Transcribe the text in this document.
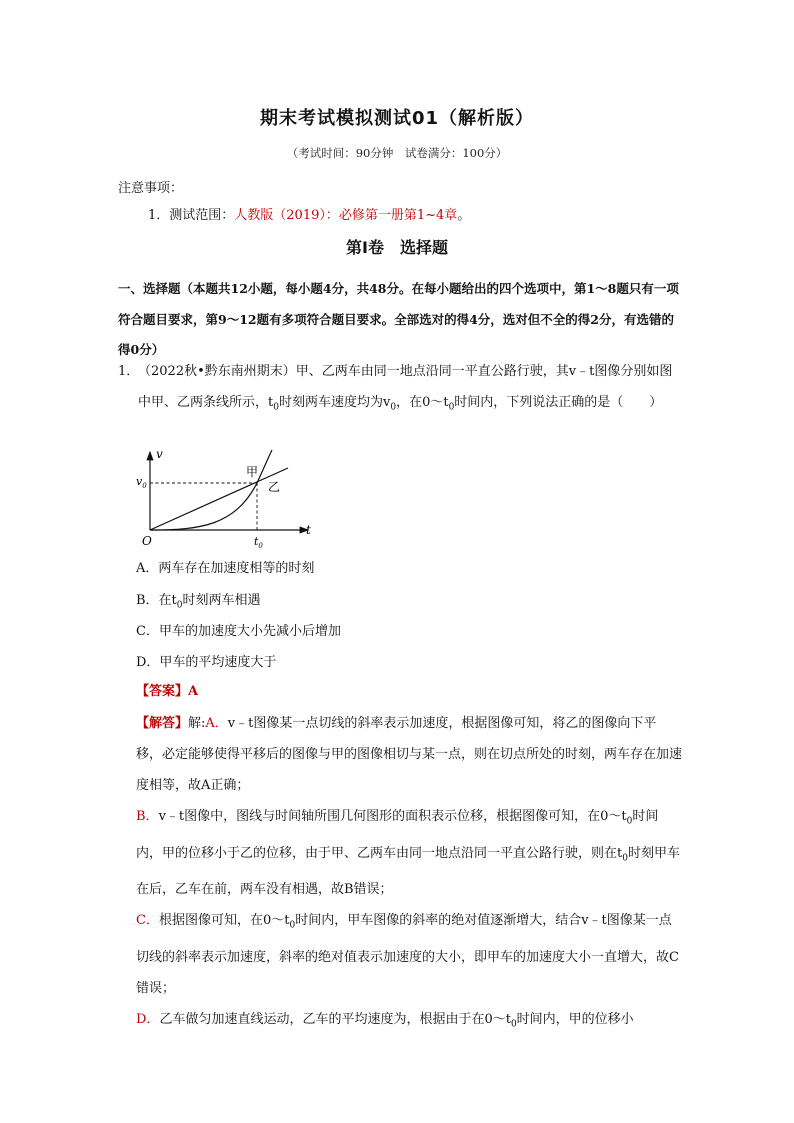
期末考试模拟测试01（解析版）
（考试时间：90分钟　试卷满分：100分）
注意事项：
1．测试范围：人教版（2019）：必修第一册第1~4章。
第Ⅰ卷　选择题
一、选择题（本题共12小题，每小题4分，共48分。在每小题给出的四个选项中，第1～8题只有一项符合题目要求，第9～12题有多项符合题目要求。全部选对的得4分，选对但不全的得2分，有选错的得0分）
1．
（2022秋•黔东南州期末）甲、乙两车由同一地点沿同一平直公路行驶，其v﹣t图像分别如图中甲、乙两条线所示，$t_0$时刻两车速度均为$v_0$，在$0\sim t_0$时间内，下列说法正确的是（　　）
v
t
O
$v_0$
$t_0$
甲
乙
A．两车存在加速度相等的时刻
B．在$t_0$时刻两车相遇
C．甲车的加速度大小先减小后增加
D．甲车的平均速度大于
【答案】A
【解答】解:A．v﹣t图像某一点切线的斜率表示加速度，根据图像可知，将乙的图像向下平移，必定能够使得平移后的图像与甲的图像相切与某一点，则在切点所处的时刻，两车存在加速度相等，故A正确；
B．v﹣t图像中，图线与时间轴所围几何图形的面积表示位移，根据图像可知，在$0\sim t_0$时间内，甲的位移小于乙的位移，由于甲、乙两车由同一地点沿同一平直公路行驶，则在$t_0$时刻甲车在后，乙车在前，两车没有相遇，故B错误；
C．根据图像可知，在$0\sim t_0$时间内，甲车图像的斜率的绝对值逐渐增大，结合v﹣t图像某一点切线的斜率表示加速度，斜率的绝对值表示加速度的大小，即甲车的加速度大小一直增大，故C错误；
D．乙车做匀加速直线运动，乙车的平均速度为，根据由于在$0\sim t_0$时间内，甲的位移小
